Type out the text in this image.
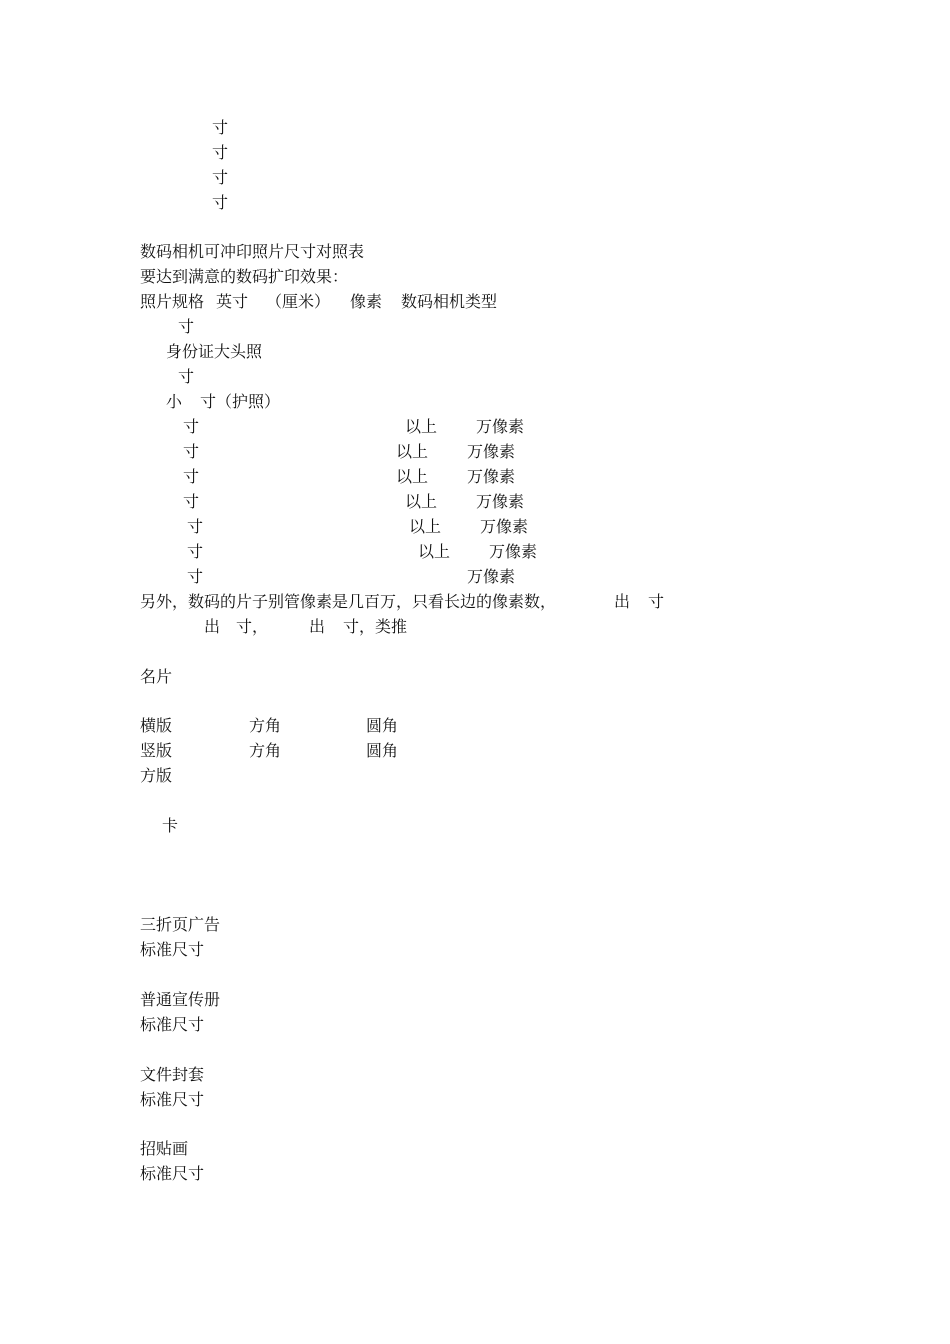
寸
寸
寸
寸
数码相机可冲印照片尺寸对照表
要达到满意的数码扩印效果：
照片规格 英寸 （厘米） 像素 数码相机类型
寸
身份证大头照
寸
小 寸（护照）
寸	以上 万像素
寸	以上 万像素
寸	以上 万像素
寸	以上 万像素
寸	以上 万像素
寸	以上 万像素
寸	万像素
另外，数码的片子别管像素是几百万，只看长边的像素数，	出 寸
出 寸，	出 寸，类推
名片
横版	方角	圆角
竖版	方角	圆角
方版
卡
三折页广告
标准尺寸
普通宣传册
标准尺寸
文件封套
标准尺寸
招贴画
标准尺寸
